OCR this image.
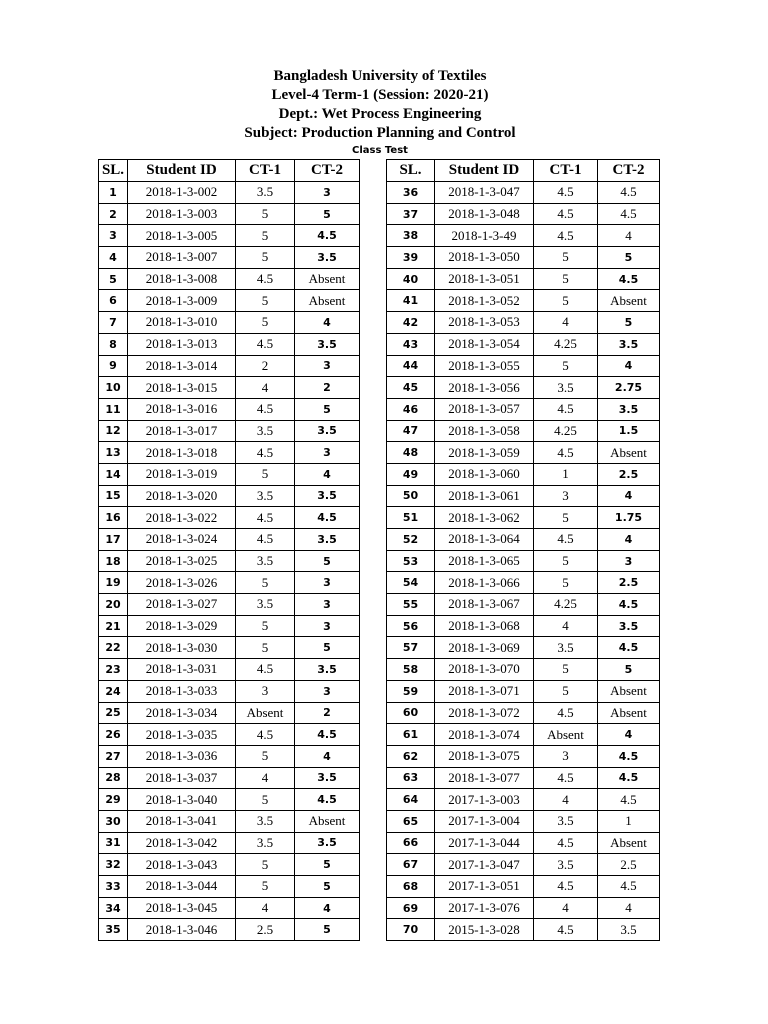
Bangladesh University of Textiles
Level-4 Term-1 (Session: 2020-21)
Dept.: Wet Process Engineering
Subject: Production Planning and Control
Class Test
SL.	Student ID	CT-1	CT-2		SL.	Student ID	CT-1	CT-2
1	2018-1-3-002	3.5	3		36	2018-1-3-047	4.5	4.5
2	2018-1-3-003	5	5		37	2018-1-3-048	4.5	4.5
3	2018-1-3-005	5	4.5		38	2018-1-3-49	4.5	4
4	2018-1-3-007	5	3.5		39	2018-1-3-050	5	5
5	2018-1-3-008	4.5	Absent		40	2018-1-3-051	5	4.5
6	2018-1-3-009	5	Absent		41	2018-1-3-052	5	Absent
7	2018-1-3-010	5	4		42	2018-1-3-053	4	5
8	2018-1-3-013	4.5	3.5		43	2018-1-3-054	4.25	3.5
9	2018-1-3-014	2	3		44	2018-1-3-055	5	4
10	2018-1-3-015	4	2		45	2018-1-3-056	3.5	2.75
11	2018-1-3-016	4.5	5		46	2018-1-3-057	4.5	3.5
12	2018-1-3-017	3.5	3.5		47	2018-1-3-058	4.25	1.5
13	2018-1-3-018	4.5	3		48	2018-1-3-059	4.5	Absent
14	2018-1-3-019	5	4		49	2018-1-3-060	1	2.5
15	2018-1-3-020	3.5	3.5		50	2018-1-3-061	3	4
16	2018-1-3-022	4.5	4.5		51	2018-1-3-062	5	1.75
17	2018-1-3-024	4.5	3.5		52	2018-1-3-064	4.5	4
18	2018-1-3-025	3.5	5		53	2018-1-3-065	5	3
19	2018-1-3-026	5	3		54	2018-1-3-066	5	2.5
20	2018-1-3-027	3.5	3		55	2018-1-3-067	4.25	4.5
21	2018-1-3-029	5	3		56	2018-1-3-068	4	3.5
22	2018-1-3-030	5	5		57	2018-1-3-069	3.5	4.5
23	2018-1-3-031	4.5	3.5		58	2018-1-3-070	5	5
24	2018-1-3-033	3	3		59	2018-1-3-071	5	Absent
25	2018-1-3-034	Absent	2		60	2018-1-3-072	4.5	Absent
26	2018-1-3-035	4.5	4.5		61	2018-1-3-074	Absent	4
27	2018-1-3-036	5	4		62	2018-1-3-075	3	4.5
28	2018-1-3-037	4	3.5		63	2018-1-3-077	4.5	4.5
29	2018-1-3-040	5	4.5		64	2017-1-3-003	4	4.5
30	2018-1-3-041	3.5	Absent		65	2017-1-3-004	3.5	1
31	2018-1-3-042	3.5	3.5		66	2017-1-3-044	4.5	Absent
32	2018-1-3-043	5	5		67	2017-1-3-047	3.5	2.5
33	2018-1-3-044	5	5		68	2017-1-3-051	4.5	4.5
34	2018-1-3-045	4	4		69	2017-1-3-076	4	4
35	2018-1-3-046	2.5	5		70	2015-1-3-028	4.5	3.5
